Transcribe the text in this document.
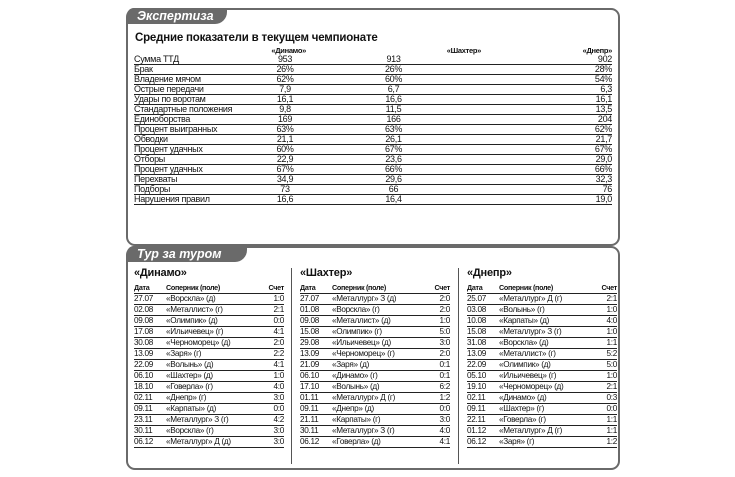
Экспертиза
Средние показатели в текущем чемпионате
	«Динамо»	«Шахтер»	«Днепр»
Сумма ТТД	953	913	902
Брак	26%	26%	28%
Владение мячом	62%	60%	54%
Острые передачи	7,9	6,7	6,3
Удары по воротам	16,1	16,6	16,1
Стандартные положения	9,8	11,5	13,5
Единоборства	169	166	204
Процент выигранных	63%	63%	62%
Обводки	21,1	26,1	21,7
Процент удачных	60%	67%	67%
Отборы	22,9	23,6	29,0
Процент удачных	67%	66%	66%
Перехваты	34,9	29,6	32,3
Подборы	73	66	76
Нарушения правил	16,6	16,4	19,0
Тур за туром
«Динамо»
Дата	Соперник (поле)	Счет
27.07	«Ворскла» (д)	1:0
02.08	«Металлист» (г)	2:1
09.08	«Олимпик» (д)	0:0
17.08	«Ильичевец» (г)	4:1
30.08	«Черноморец» (д)	2:0
13.09	«Заря» (г)	2:2
22.09	«Волынь» (д)	4:1
06.10	«Шахтер» (д)	1:0
18.10	«Говерла» (г)	4:0
02.11	«Днепр» (г)	3:0
09.11	«Карпаты» (д)	0:0
23.11	«Металлург» З (г)	4:2
30.11	«Ворскла» (г)	3:0
06.12	«Металлург» Д (д)	3:0
«Шахтер»
Дата	Соперник (поле)	Счет
27.07	«Металлург» З (д)	2:0
01.08	«Ворскла» (г)	2:0
09.08	«Металлист» (д)	1:0
15.08	«Олимпик» (г)	5:0
29.08	«Ильичевец» (д)	3:0
13.09	«Черноморец» (г)	2:0
21.09	«Заря» (д)	0:1
06.10	«Динамо» (г)	0:1
17.10	«Волынь» (д)	6:2
01.11	«Металлург» Д (г)	1:2
09.11	«Днепр» (д)	0:0
21.11	«Карпаты» (г)	3:0
30.11	«Металлург» З (г)	4:0
06.12	«Говерла» (д)	4:1
«Днепр»
Дата	Соперник (поле)	Счет
25.07	«Металлург» Д (г)	2:1
03.08	«Волынь» (г)	1:0
10.08	«Карпаты» (д)	4:0
15.08	«Металлург» З (г)	1:0
31.08	«Ворскла» (д)	1:1
13.09	«Металлист» (г)	5:2
22.09	«Олимпик» (д)	5:0
05.10	«Ильичевец» (г)	1:0
19.10	«Черноморец» (д)	2:1
02.11	«Динамо» (д)	0:3
09.11	«Шахтер» (г)	0:0
22.11	«Говерла» (г)	1:1
01.12	«Металлург» Д (г)	1:1
06.12	«Заря» (г)	1:2
